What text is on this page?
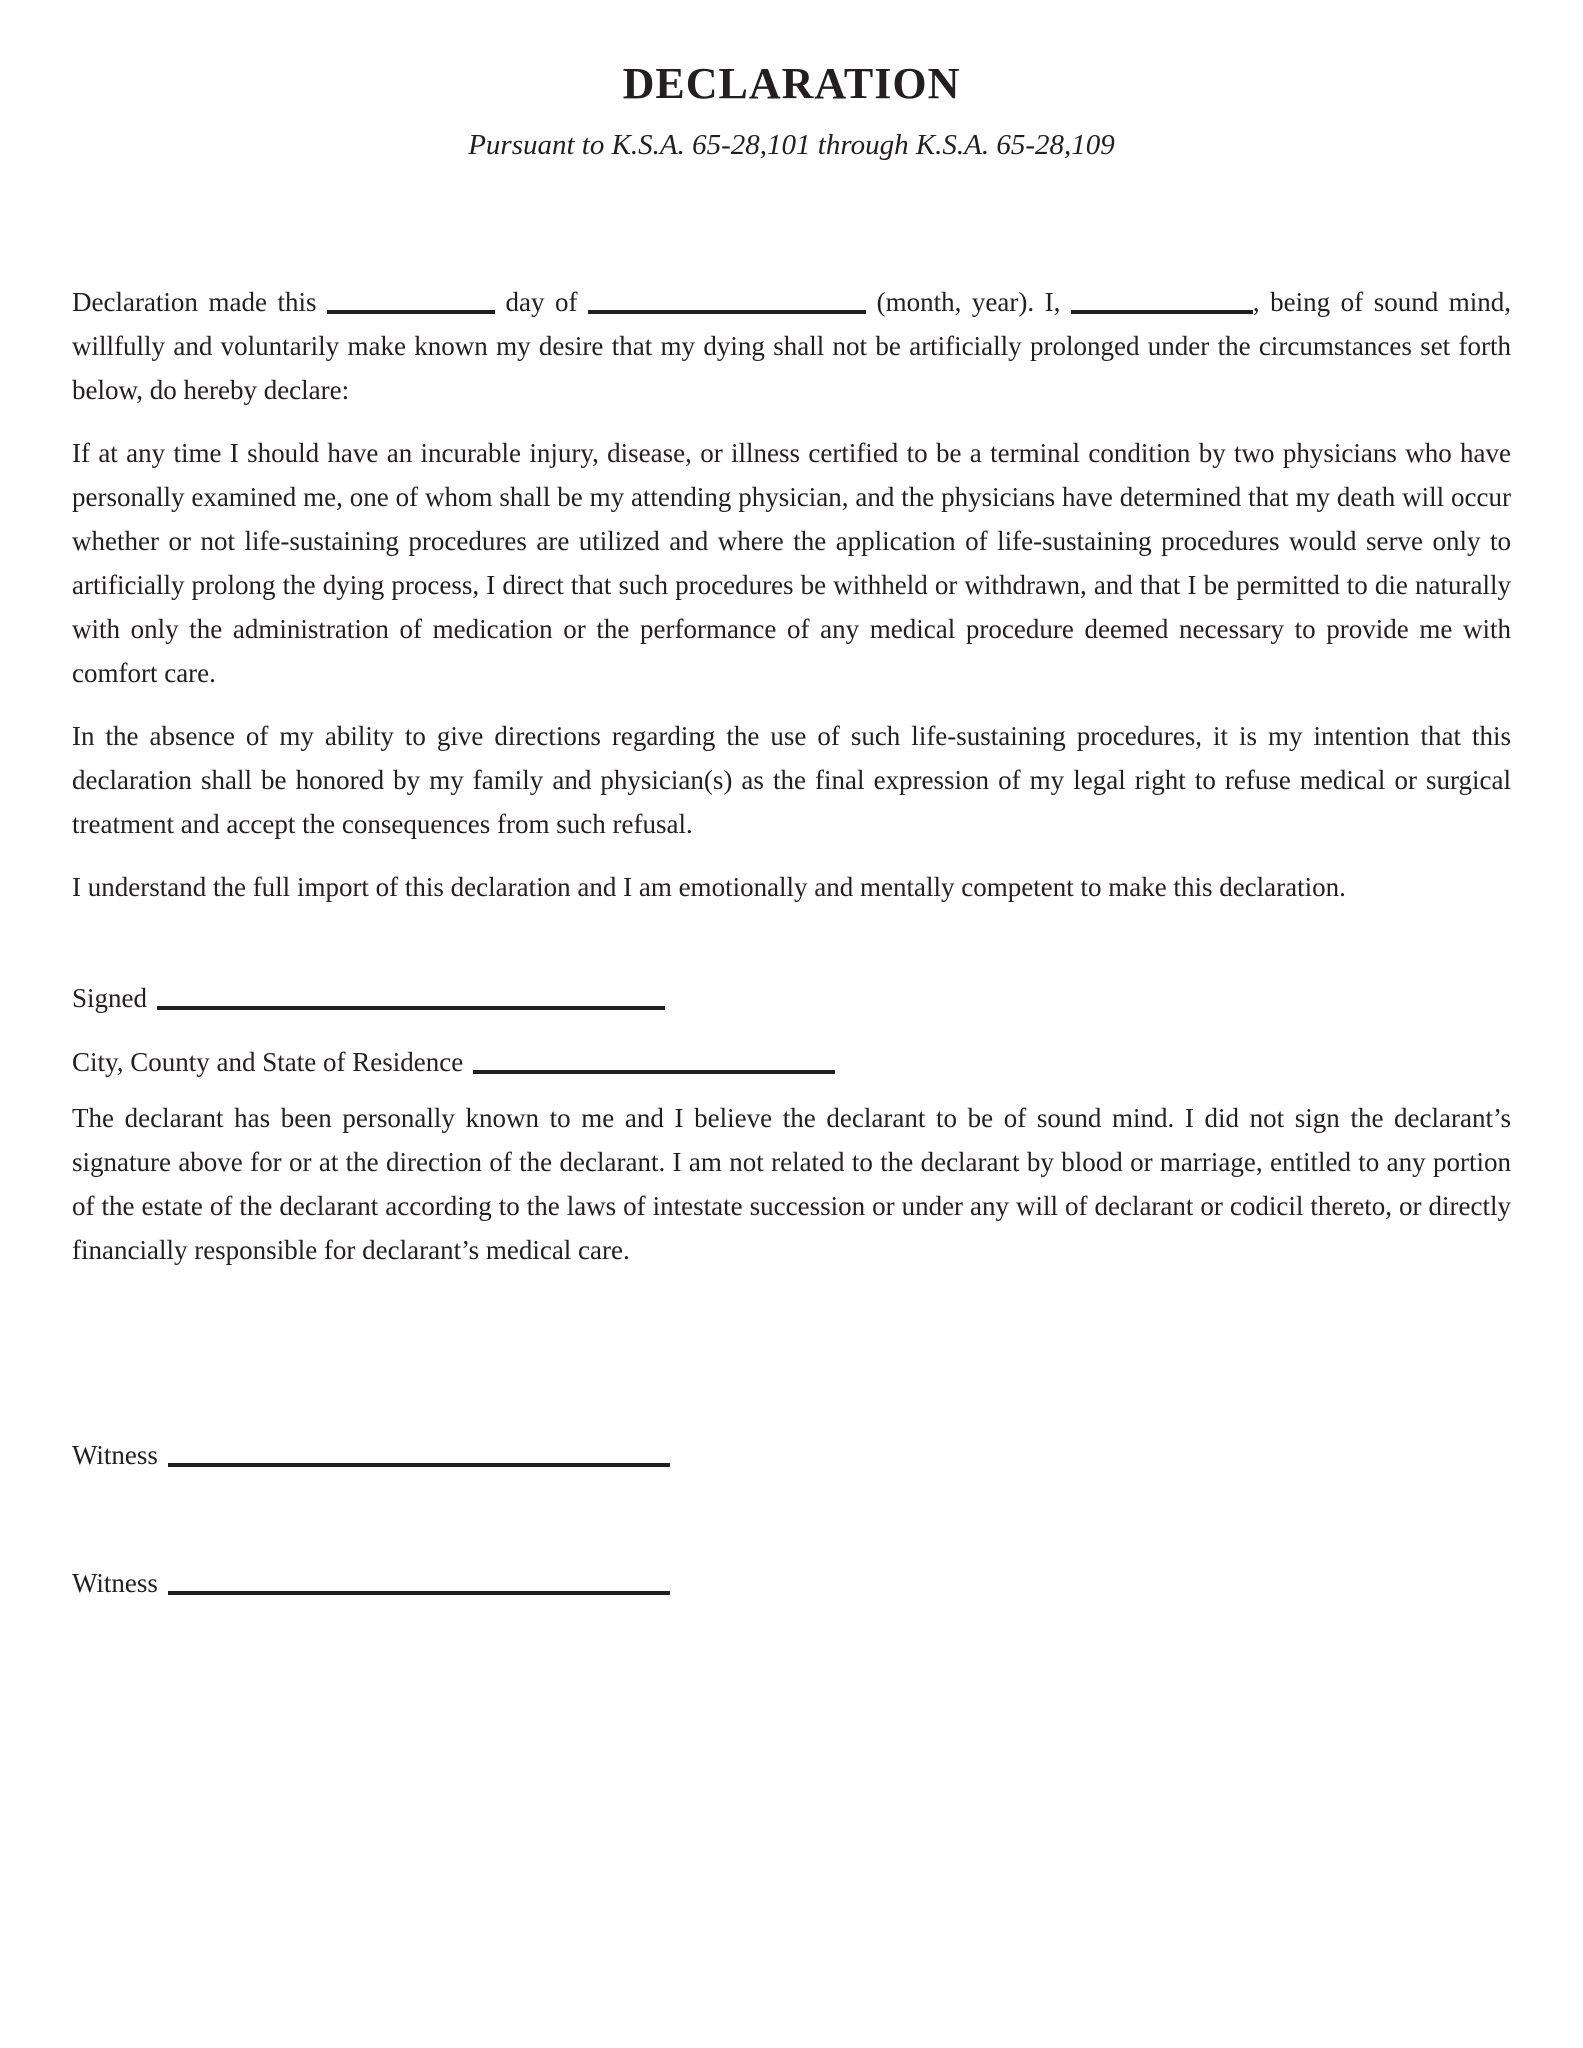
DECLARATION

Pursuant to K.S.A. 65-28,101 through K.S.A. 65-28,109

Declaration made this	day of	(month, year). I,	, being of sound mind, willfully and voluntarily make known my desire that my dying shall not be artificially prolonged under the circumstances set forth below, do hereby declare:

If at any time I should have an incurable injury, disease, or illness certified to be a terminal condition by two physicians who have personally examined me, one of whom shall be my attending physician, and the physicians have determined that my death will occur whether or not life-sustaining procedures are utilized and where the application of life-sustaining procedures would serve only to artificially prolong the dying process, I direct that such procedures be withheld or withdrawn, and that I be permitted to die naturally with only the administration of medication or the performance of any medical procedure deemed necessary to provide me with comfort care.

In the absence of my ability to give directions regarding the use of such life-sustaining procedures, it is my intention that this declaration shall be honored by my family and physician(s) as the final expression of my legal right to refuse medical or surgical treatment and accept the consequences from such refusal.

I understand the full import of this declaration and I am emotionally and mentally competent to make this declaration.

Signed

City, County and State of Residence

The declarant has been personally known to me and I believe the declarant to be of sound mind. I did not sign the declarant’s signature above for or at the direction of the declarant. I am not related to the declarant by blood or marriage, entitled to any portion of the estate of the declarant according to the laws of intestate succession or under any will of declarant or codicil thereto, or directly financially responsible for declarant’s medical care.

Witness

Witness
